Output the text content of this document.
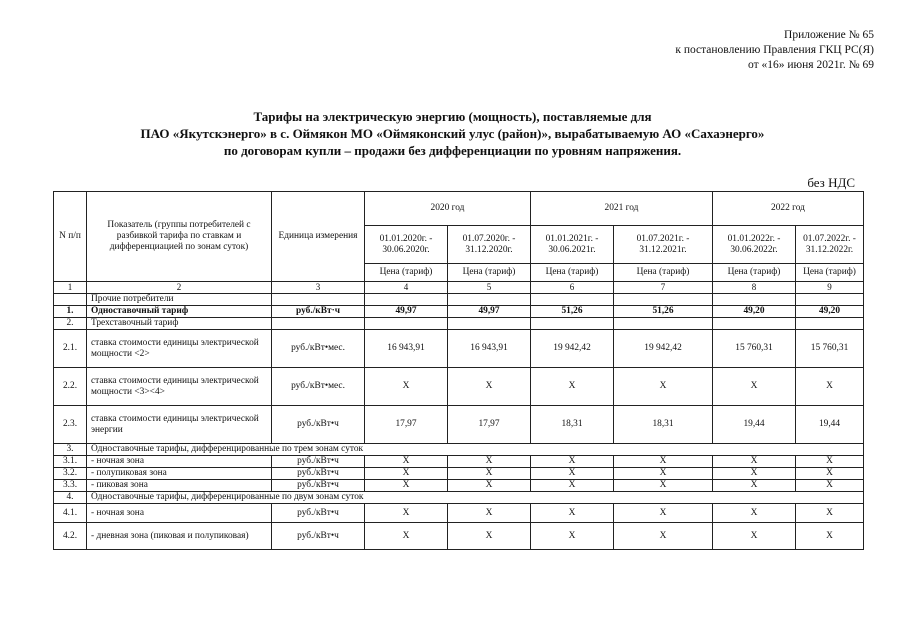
Приложение № 65
к постановлению Правления ГКЦ РС(Я)
от «16» июня 2021г. № 69
Тарифы на электрическую энергию (мощность), поставляемые для
ПАО «Якутскэнерго» в с. Оймякон МО «Оймяконский улус (район)», вырабатываемую АО «Сахаэнерго»
по договорам купли – продажи без дифференциации по уровням напряжения.
без НДС
N п/п	Показатель (группы потребителей с разбивкой тарифа по ставкам и дифференциацией по зонам суток)	Единица измерения	2020 год		2021 год		2022 год	
			01.01.2020г. - 30.06.2020г.	01.07.2020г. - 31.12.2020г.	01.01.2021г. - 30.06.2021г.	01.07.2021г. - 31.12.2021г.	01.01.2022г. - 30.06.2022г.	01.07.2022г. - 31.12.2022г.
			Цена (тариф)	Цена (тариф)	Цена (тариф)	Цена (тариф)	Цена (тариф)	Цена (тариф)
1	2	3	4	5	6	7	8	9
	Прочие потребители							
1.	Одноставочный тариф	руб./кВт·ч	49,97	49,97	51,26	51,26	49,20	49,20
2.	Трехставочный тариф							
2.1.	ставка стоимости единицы электрической мощности <2>	руб./кВт•мес.	16 943,91	16 943,91	19 942,42	19 942,42	15 760,31	15 760,31
2.2.	ставка стоимости единицы электрической мощности <3><4>	руб./кВт•мес.	X	X	X	X	X	X
2.3.	ставка стоимости единицы электрической энергии	руб./кВт•ч	17,97	17,97	18,31	18,31	19,44	19,44
3.	Одноставочные тарифы, дифференцированные по трем зонам суток							
3.1.	- ночная зона	руб./кВт•ч	X	X	X	X	X	X
3.2.	- полупиковая зона	руб./кВт•ч	X	X	X	X	X	X
3.3.	- пиковая зона	руб./кВт•ч	X	X	X	X	X	X
4.	Одноставочные тарифы, дифференцированные по двум зонам суток							
4.1.	- ночная зона	руб./кВт•ч	X	X	X	X	X	X
4.2.	- дневная зона (пиковая и полупиковая)	руб./кВт•ч	X	X	X	X	X	X
